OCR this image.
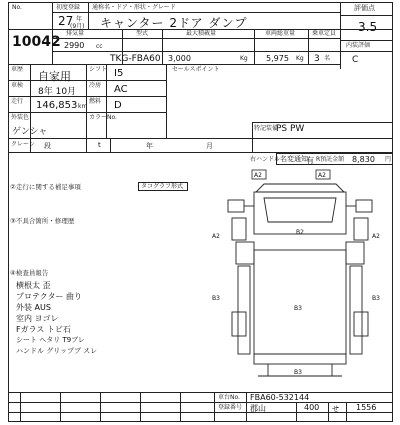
No.
10042
初度登録
27 年
(9月)
通称名・ドア・形状・グレード
キャンター 2ドア ダンプ
評価点
3.5
内装評価
C
排気量
2990 cc
型式
TKG-FBA60
最大積載量
3,000	Kg
車両総重量
5,975 Kg
乗車定員
3 名
車歴
自家用
シフト I5
車検
8年 10月
冷房 AC
走行 146,853 km
燃料 D
外装色
ゲンシャ
カラーNo.
クレーン 段	t	年	月
セールスポイント
特記装備
PS PW
右ハンドル 名変通知
有 R預託金額 8,830 円
②走行に関する補足事項	タコグラフ形式
③不具合箇所・修理歴
④検査員報告
横根太 歪
プロテクター 曲り
外装 AUS
室内 ヨゴレ
Fガラス トビ石
シート ヘタリ T9ブレ
ハンドル グリップブ スレ
A2	A2
B2
A2	A2
B3	B3
B3
B3
車台No. FBA60-532144
登録番号 郡山	400 せ 1556
